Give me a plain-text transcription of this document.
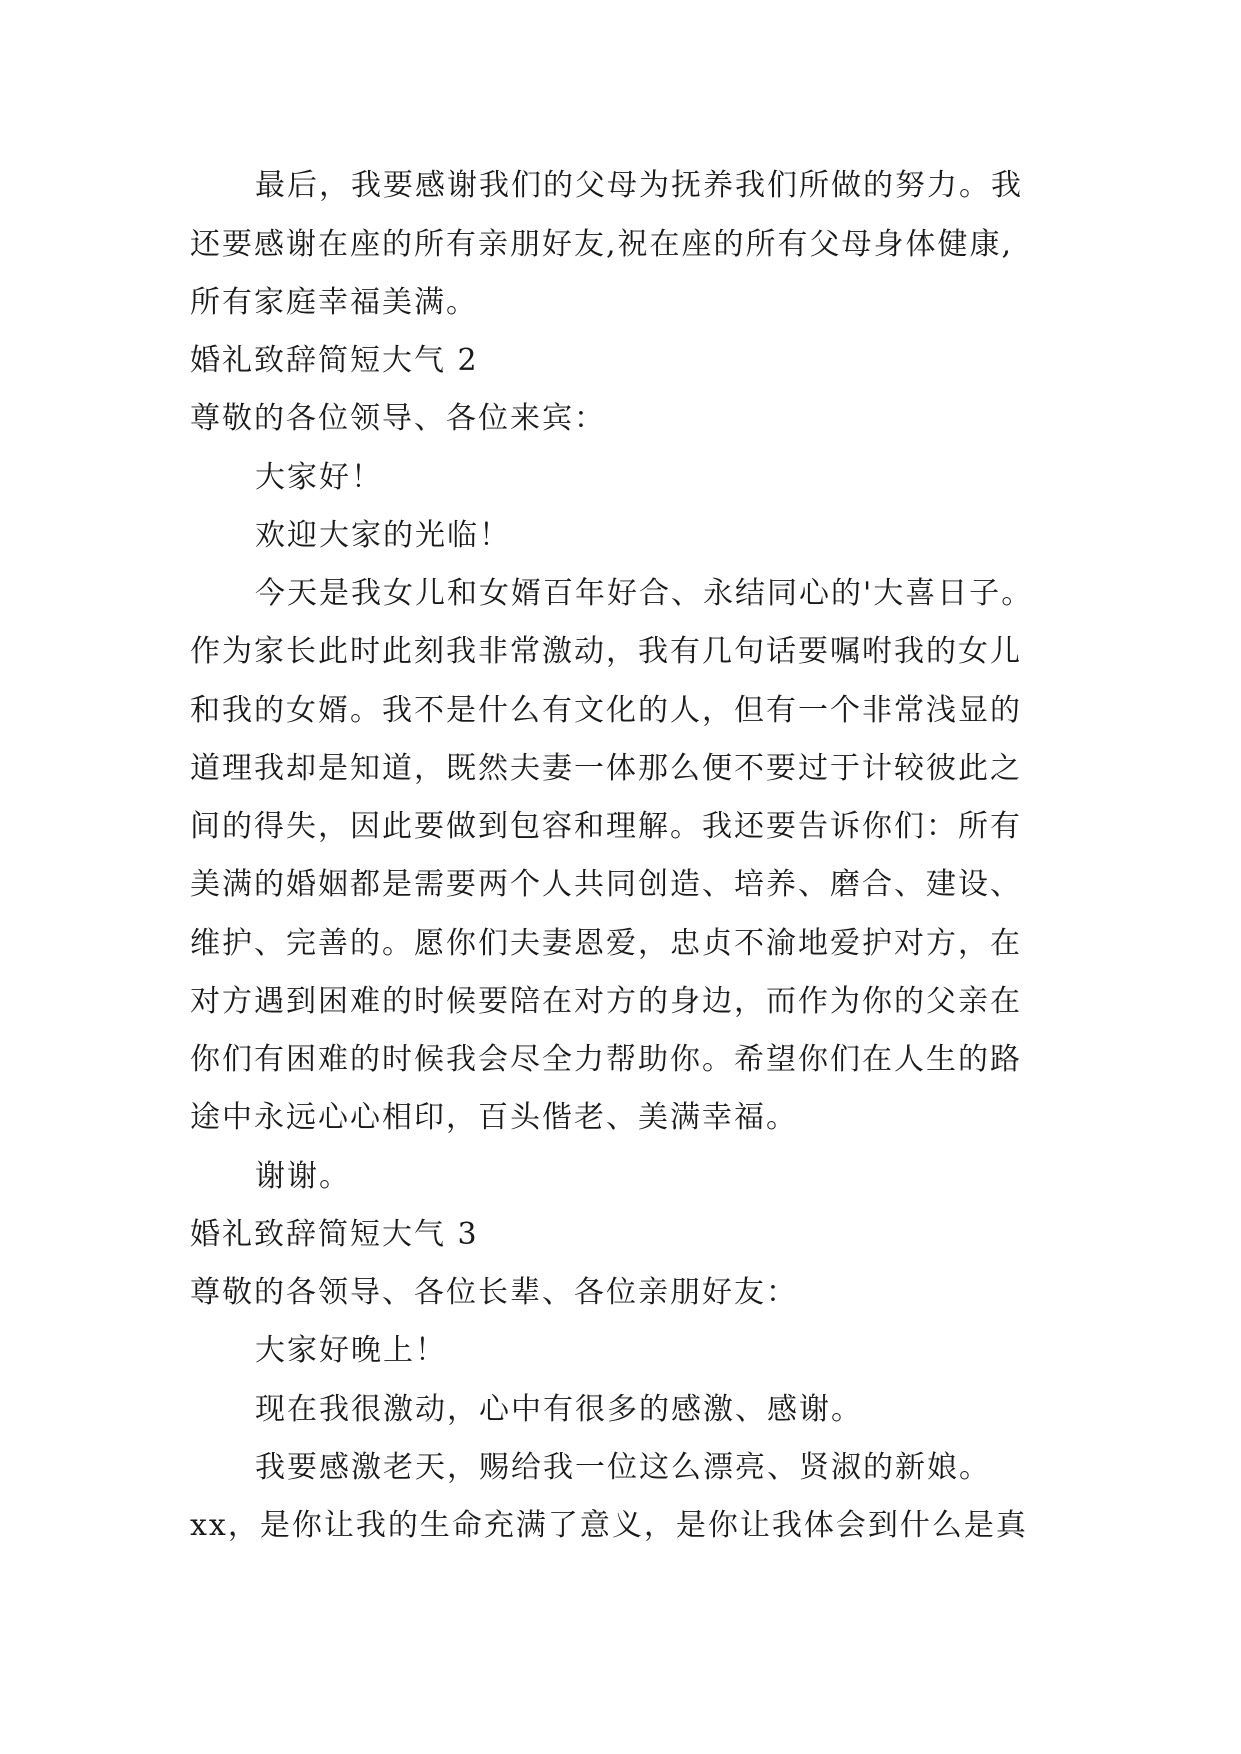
最后，我要感谢我们的父母为抚养我们所做的努力。我
还要感谢在座的所有亲朋好友,祝在座的所有父母身体健康,
所有家庭幸福美满。
婚礼致辞简短大气 2
尊敬的各位领导、各位来宾：
大家好！
欢迎大家的光临！
今天是我女儿和女婿百年好合、永结同心的'大喜日子。
作为家长此时此刻我非常激动，我有几句话要嘱咐我的女儿
和我的女婿。我不是什么有文化的人，但有一个非常浅显的
道理我却是知道，既然夫妻一体那么便不要过于计较彼此之
间的得失，因此要做到包容和理解。我还要告诉你们：所有
美满的婚姻都是需要两个人共同创造、培养、磨合、建设、
维护、完善的。愿你们夫妻恩爱，忠贞不渝地爱护对方，在
对方遇到困难的时候要陪在对方的身边，而作为你的父亲在
你们有困难的时候我会尽全力帮助你。希望你们在人生的路
途中永远心心相印，百头偕老、美满幸福。
谢谢。
婚礼致辞简短大气 3
尊敬的各领导、各位长辈、各位亲朋好友：
大家好晚上！
现在我很激动，心中有很多的感激、感谢。
我要感激老天，赐给我一位这么漂亮、贤淑的新娘。
xx，是你让我的生命充满了意义，是你让我体会到什么是真
